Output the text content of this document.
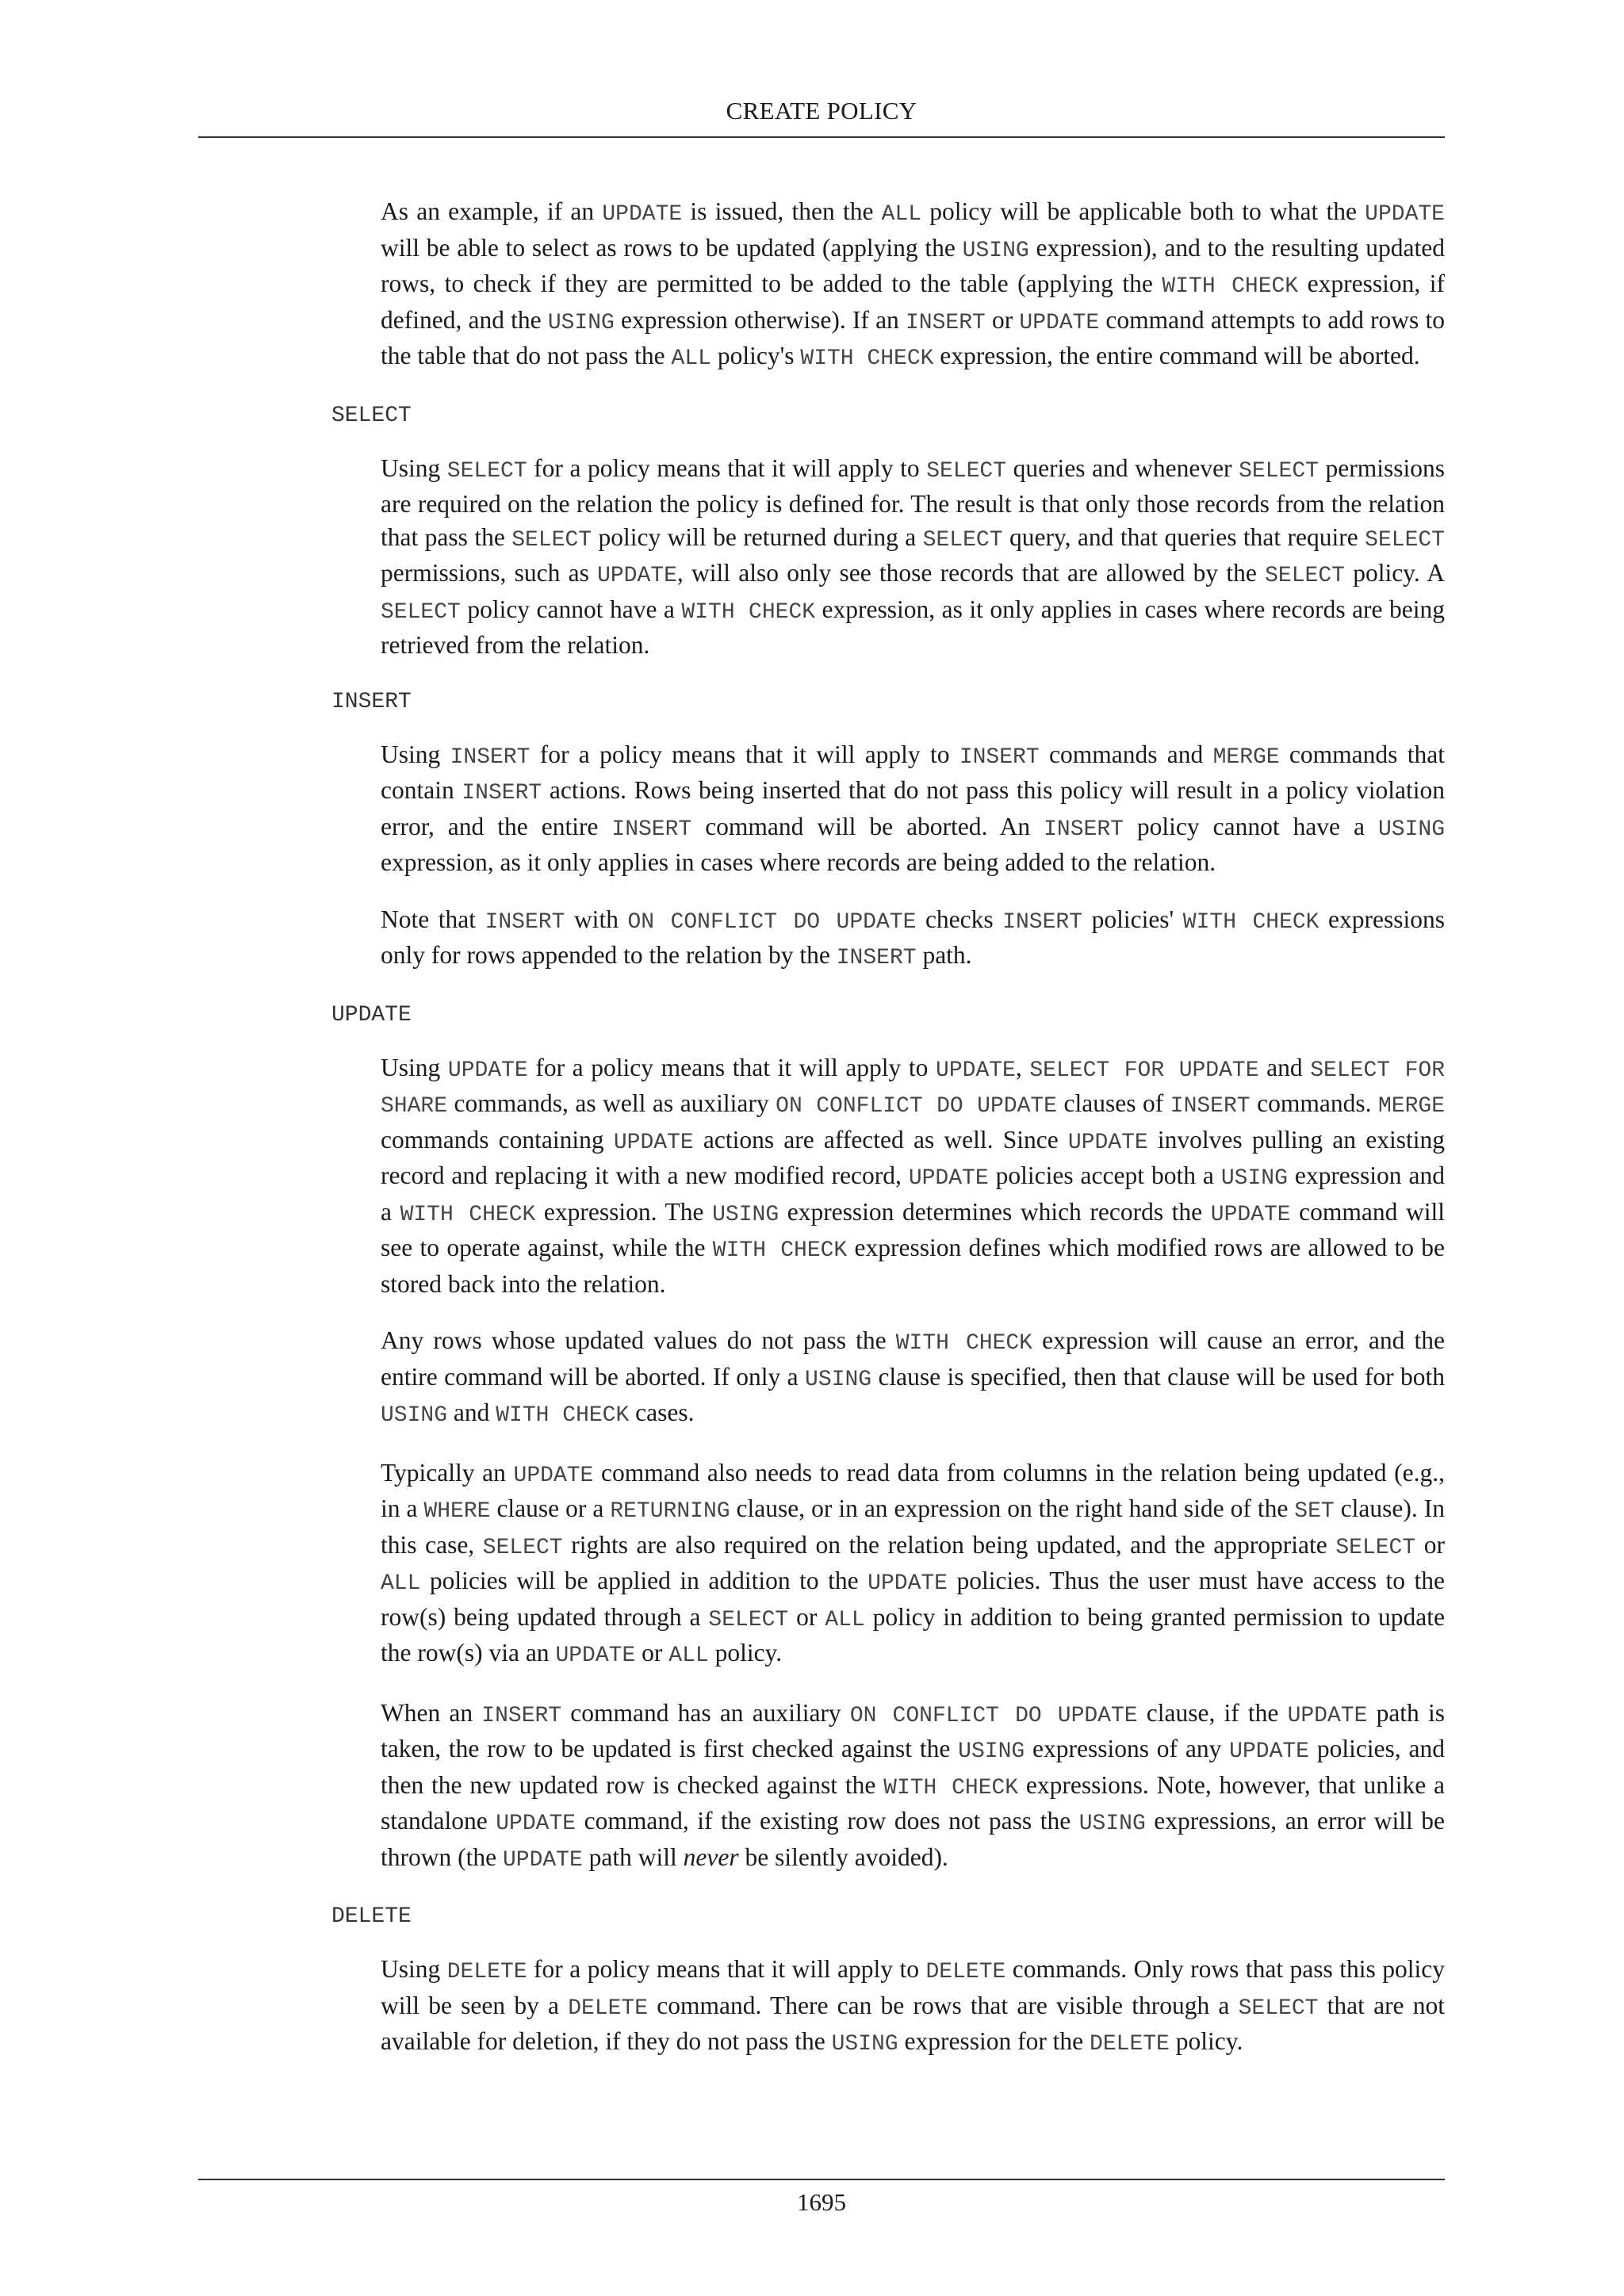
CREATE POLICY

As an example, if an UPDATE is issued, then the ALL policy will be applicable both to what the UPDATE will be able to select as rows to be updated (applying the USING expression), and to the resulting updated rows, to check if they are permitted to be added to the table (applying the WITH CHECK expression, if defined, and the USING expression otherwise). If an INSERT or UPDATE command attempts to add rows to the table that do not pass the ALL policy's WITH CHECK expression, the entire command will be aborted.

SELECT

Using SELECT for a policy means that it will apply to SELECT queries and whenever SELECT permissions are required on the relation the policy is defined for. The result is that only those records from the relation that pass the SELECT policy will be returned during a SELECT query, and that queries that require SELECT permissions, such as UPDATE, will also only see those records that are allowed by the SELECT policy. A SELECT policy cannot have a WITH CHECK expression, as it only applies in cases where records are being retrieved from the relation.

INSERT

Using INSERT for a policy means that it will apply to INSERT commands and MERGE commands that contain INSERT actions. Rows being inserted that do not pass this policy will result in a policy violation error, and the entire INSERT command will be aborted. An INSERT policy cannot have a USING expression, as it only applies in cases where records are being added to the relation.

Note that INSERT with ON CONFLICT DO UPDATE checks INSERT policies' WITH CHECK expressions only for rows appended to the relation by the INSERT path.

UPDATE

Using UPDATE for a policy means that it will apply to UPDATE, SELECT FOR UPDATE and SELECT FOR SHARE commands, as well as auxiliary ON CONFLICT DO UPDATE clauses of INSERT commands. MERGE commands containing UPDATE actions are affected as well. Since UPDATE involves pulling an existing record and replacing it with a new modified record, UPDATE policies accept both a USING expression and a WITH CHECK expression. The USING expression determines which records the UPDATE command will see to operate against, while the WITH CHECK expression defines which modified rows are allowed to be stored back into the relation.

Any rows whose updated values do not pass the WITH CHECK expression will cause an error, and the entire command will be aborted. If only a USING clause is specified, then that clause will be used for both USING and WITH CHECK cases.

Typically an UPDATE command also needs to read data from columns in the relation being updated (e.g., in a WHERE clause or a RETURNING clause, or in an expression on the right hand side of the SET clause). In this case, SELECT rights are also required on the relation being updated, and the appropriate SELECT or ALL policies will be applied in addition to the UPDATE policies. Thus the user must have access to the row(s) being updated through a SELECT or ALL policy in addition to being granted permission to update the row(s) via an UPDATE or ALL policy.

When an INSERT command has an auxiliary ON CONFLICT DO UPDATE clause, if the UPDATE path is taken, the row to be updated is first checked against the USING expressions of any UPDATE policies, and then the new updated row is checked against the WITH CHECK expressions. Note, however, that unlike a standalone UPDATE command, if the existing row does not pass the USING expressions, an error will be thrown (the UPDATE path will never be silently avoided).

DELETE

Using DELETE for a policy means that it will apply to DELETE commands. Only rows that pass this policy will be seen by a DELETE command. There can be rows that are visible through a SELECT that are not available for deletion, if they do not pass the USING expression for the DELETE policy.

1695
